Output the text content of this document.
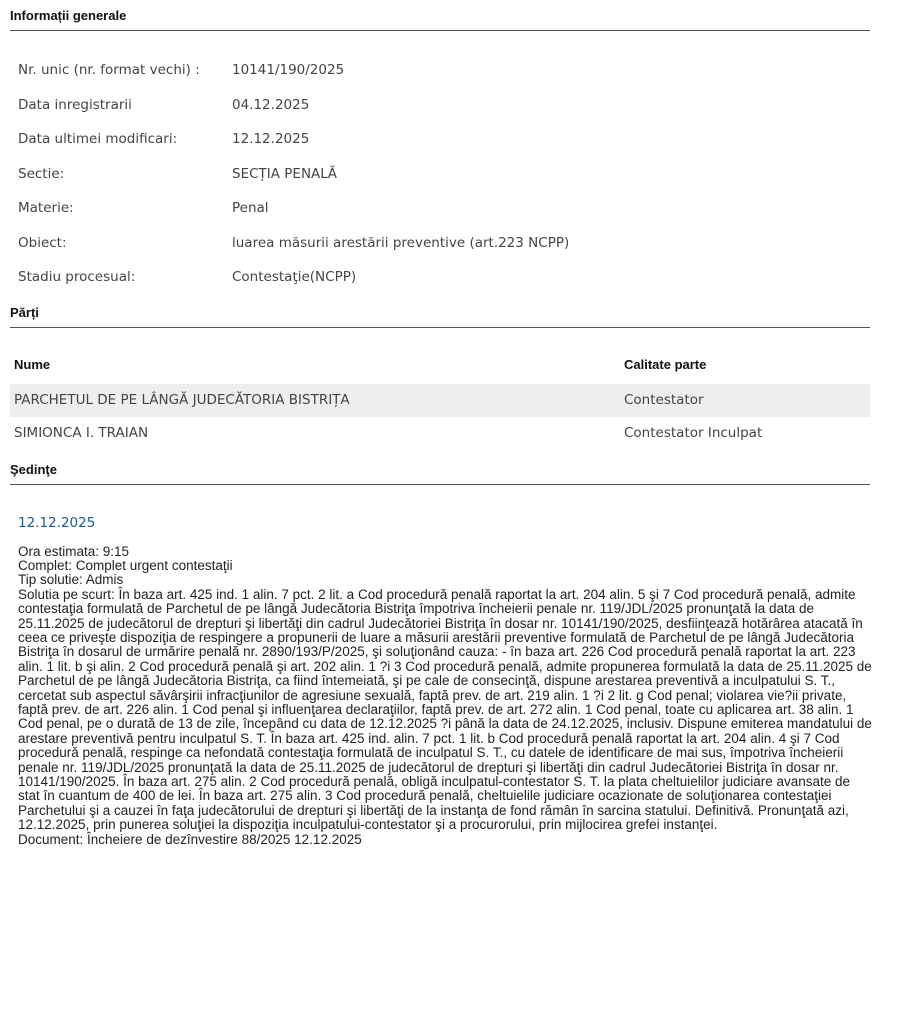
Informații generale
Nr. unic (nr. format vechi) :	10141/190/2025
Data inregistrarii	04.12.2025
Data ultimei modificari:	12.12.2025
Sectie:	SECȚIA PENALĂ
Materie:	Penal
Obiect:	luarea măsurii arestării preventive (art.223 NCPP)
Stadiu procesual:	Contestaţie(NCPP)
Părți
Nume	Calitate parte
PARCHETUL DE PE LÂNGĂ JUDECĂTORIA BISTRIȚA	Contestator
SIMIONCA I. TRAIAN	Contestator Inculpat
Şedinţe
12.12.2025
Ora estimata: 9:15
Complet: Complet urgent contestaţii
Tip solutie: Admis
Solutia pe scurt: În baza art. 425 ind. 1 alin. 7 pct. 2 lit. a Cod procedură penală raportat la art. 204 alin. 5 şi 7 Cod procedură penală, admite contestaţia formulată de Parchetul de pe lângă Judecătoria Bistriţa împotriva încheierii penale nr. 119/JDL/2025 pronunţată la data de 25.11.2025 de judecătorul de drepturi şi libertăţi din cadrul Judecătoriei Bistriţa în dosar nr. 10141/190/2025, desfiinţează hotărârea atacată în ceea ce priveşte dispoziţia de respingere a propunerii de luare a măsurii arestării preventive formulată de Parchetul de pe lângă Judecătoria Bistriţa în dosarul de urmărire penală nr. 2890/193/P/2025, şi soluţionând cauza: - în baza art. 226 Cod procedură penală raportat la art. 223 alin. 1 lit. b şi alin. 2 Cod procedură penală şi art. 202 alin. 1 ?i 3 Cod procedură penală, admite propunerea formulată la data de 25.11.2025 de Parchetul de pe lângă Judecătoria Bistriţa, ca fiind întemeiată, şi pe cale de consecinţă, dispune arestarea preventivă a inculpatului S. T., cercetat sub aspectul săvârşirii infracţiunilor de agresiune sexuală, faptă prev. de art. 219 alin. 1 ?i 2 lit. g Cod penal; violarea vie?ii private, faptă prev. de art. 226 alin. 1 Cod penal şi influenţarea declaraţiilor, faptă prev. de art. 272 alin. 1 Cod penal, toate cu aplicarea art. 38 alin. 1 Cod penal, pe o durată de 13 de zile, începând cu data de 12.12.2025 ?i până la data de 24.12.2025, inclusiv. Dispune emiterea mandatului de arestare preventivă pentru inculpatul S. T. În baza art. 425 ind. alin. 7 pct. 1 lit. b Cod procedură penală raportat la art. 204 alin. 4 şi 7 Cod procedură penală, respinge ca nefondată contestaţia formulată de inculpatul S. T., cu datele de identificare de mai sus, împotriva încheierii penale nr. 119/JDL/2025 pronunţată la data de 25.11.2025 de judecătorul de drepturi şi libertăţi din cadrul Judecătoriei Bistriţa în dosar nr. 10141/190/2025. În baza art. 275 alin. 2 Cod procedură penală, obligă inculpatul-contestator S. T. la plata cheltuielilor judiciare avansate de stat în cuantum de 400 de lei. În baza art. 275 alin. 3 Cod procedură penală, cheltuielile judiciare ocazionate de soluţionarea contestaţiei Parchetului şi a cauzei în faţa judecătorului de drepturi şi libertăţi de la instanţa de fond rămân în sarcina statului. Definitivă. Pronunţată azi, 12.12.2025, prin punerea soluţiei la dispoziţia inculpatului-contestator şi a procurorului, prin mijlocirea grefei instanţei.
Document: Încheiere de dezînvestire 88/2025 12.12.2025
